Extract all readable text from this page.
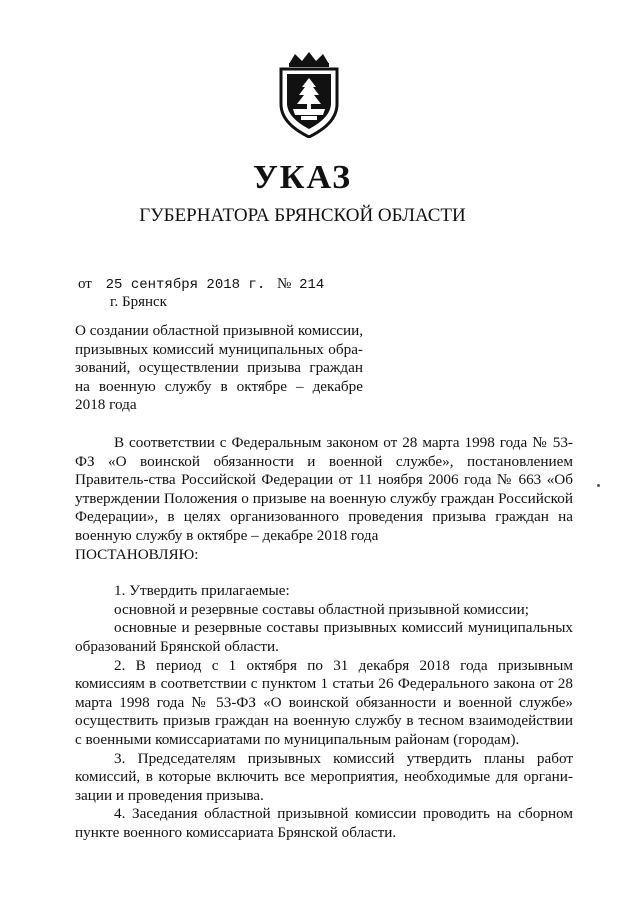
УКАЗ
ГУБЕРНАТОРА БРЯНСКОЙ ОБЛАСТИ
от 25 сентября 2018 г. № 214
г. Брянск
О создании областной призывной комиссии, призывных комиссий муниципальных обра-зований, осуществлении призыва граждан на военную службу в октябре – декабре 2018 года

В соответствии с Федеральным законом от 28 марта 1998 года № 53-ФЗ «О воинской обязанности и военной службе», постановлением Правитель-ства Российской Федерации от 11 ноября 2006 года № 663 «Об утверждении Положения о призыве на военную службу граждан Российской Федерации», в целях организованного проведения призыва граждан на военную службу в октябре – декабре 2018 года

ПОСТАНОВЛЯЮ:

1. Утвердить прилагаемые:

основной и резервные составы областной призывной комиссии;

основные и резервные составы призывных комиссий муниципальных образований Брянской области.

2. В период с 1 октября по 31 декабря 2018 года призывным комиссиям в соответствии с пунктом 1 статьи 26 Федерального закона от 28 марта 1998 года № 53-ФЗ «О воинской обязанности и военной службе» осуществить призыв граждан на военную службу в тесном взаимодействии с военными комиссариатами по муниципальным районам (городам).

3. Председателям призывных комиссий утвердить планы работ комиссий, в которые включить все мероприятия, необходимые для органи-зации и проведения призыва.

4. Заседания областной призывной комиссии проводить на сборном пункте военного комиссариата Брянской области.
